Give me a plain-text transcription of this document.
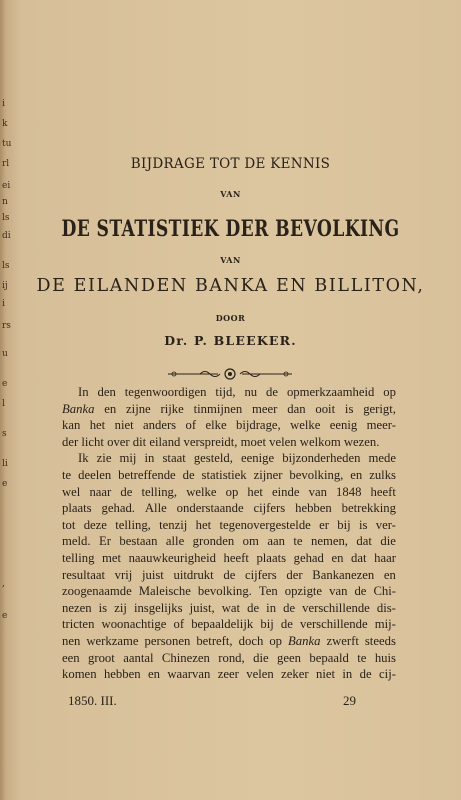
i
k
tu
rl
ei
n
ls
di
ls
ij
i
rs
u
e
l
s
li
e
,
e
BIJDRAGE TOT DE KENNIS
VAN
DE STATISTIEK DER BEVOLKING
VAN
DE EILANDEN BANKA EN BILLITON,
DOOR
Dr. P. BLEEKER.
In den tegenwoordigen tijd, nu de opmerkzaamheid op
Banka en zijne rijke tinmijnen meer dan ooit is gerigt,
kan het niet anders of elke bijdrage, welke eenig meer-
der licht over dit eiland verspreidt, moet velen welkom wezen.
Ik zie mij in staat gesteld, eenige bijzonderheden mede
te deelen betreffende de statistiek zijner bevolking, en zulks
wel naar de telling, welke op het einde van 1848 heeft
plaats gehad. Alle onderstaande cijfers hebben betrekking
tot deze telling, tenzij het tegenovergestelde er bij is ver-
meld. Er bestaan alle gronden om aan te nemen, dat die
telling met naauwkeurigheid heeft plaats gehad en dat haar
resultaat vrij juist uitdrukt de cijfers der Bankanezen en
zoogenaamde Maleische bevolking. Ten opzigte van de Chi-
nezen is zij insgelijks juist, wat de in de verschillende dis-
tricten woonachtige of bepaaldelijk bij de verschillende mij-
nen werkzame personen betreft, doch op Banka zwerft steeds
een groot aantal Chinezen rond, die geen bepaald te huis
komen hebben en waarvan zeer velen zeker niet in de cij-
1850. III.	29
